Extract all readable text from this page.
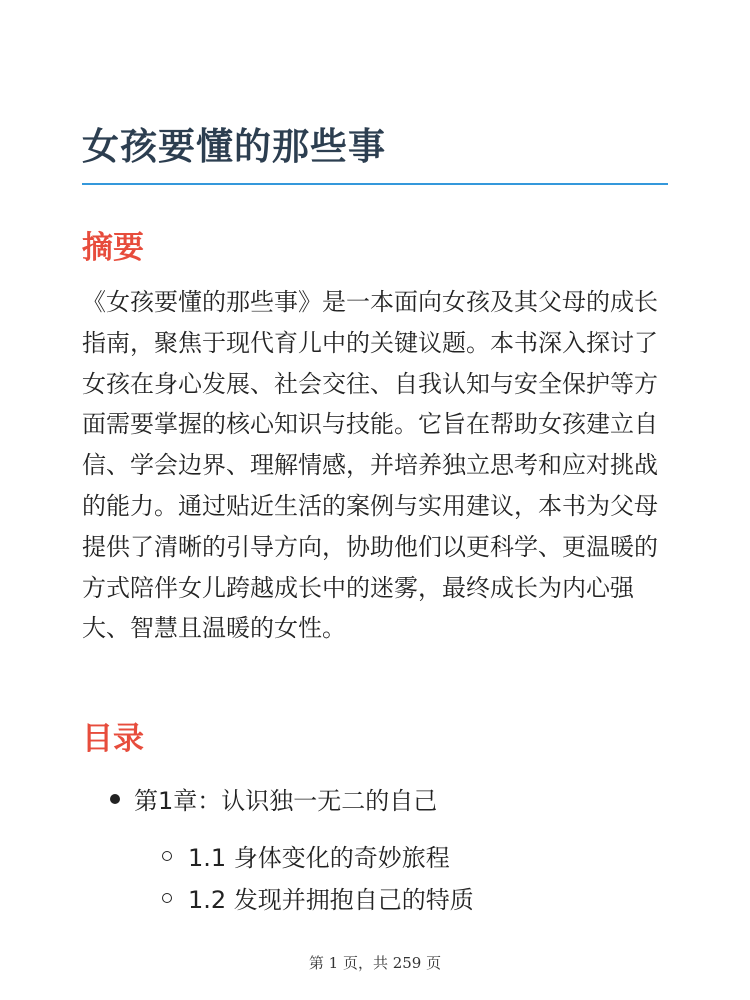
女孩要懂的那些事
摘要

《女孩要懂的那些事》是一本面向女孩及其父母的成长指南，聚焦于现代育儿中的关键议题。本书深入探讨了女孩在身心发展、社会交往、自我认知与安全保护等方面需要掌握的核心知识与技能。它旨在帮助女孩建立自信、学会边界、理解情感，并培养独立思考和应对挑战的能力。通过贴近生活的案例与实用建议，本书为父母提供了清晰的引导方向，协助他们以更科学、更温暖的方式陪伴女儿跨越成长中的迷雾，最终成长为内心强大、智慧且温暖的女性。

目录
第1章：认识独一无二的自己
1.1 身体变化的奇妙旅程
1.2 发现并拥抱自己的特质
第 1 页，共 259 页
